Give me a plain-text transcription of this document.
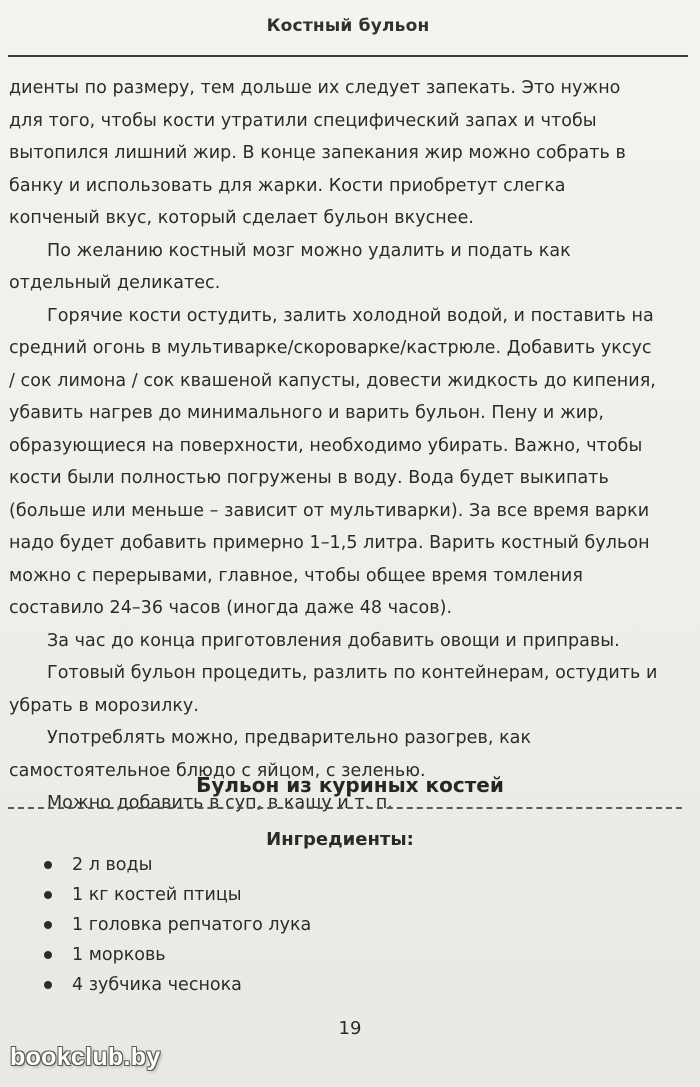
Костный бульон

диенты по размеру, тем дольше их следует запекать. Это нужно для того, чтобы кости утратили специфический запах и чтобы вытопился лишний жир. В конце запекания жир можно собрать в банку и использовать для жарки. Кости приобретут слегка копченый вкус, который сделает бульон вкуснее.

По желанию костный мозг можно удалить и подать как отдельный деликатес.

Горячие кости остудить, залить холодной водой, и поставить на средний огонь в мультиварке/скороварке/кастрюле. Добавить уксус / сок лимона / сок квашеной капусты, довести жидкость до кипения, убавить нагрев до минимального и варить бульон. Пену и жир, образующиеся на поверхности, необходимо убирать. Важно, чтобы кости были полностью погружены в воду. Вода будет выкипать (больше или меньше – зависит от мультиварки). За все время варки надо будет добавить примерно 1–1,5 литра. Варить костный бульон можно с перерывами, главное, чтобы общее время томления составило 24–36 часов (иногда даже 48 часов).

За час до конца приготовления добавить овощи и приправы.

Готовый бульон процедить, разлить по контейнерам, остудить и убрать в морозилку.

Употреблять можно, предварительно разогрев, как самостоятельное блюдо с яйцом, с зеленью.

Можно добавить в суп, в кашу и т. п.

Бульон из куриных костей
Ингредиенты:
2 л воды
1 кг костей птицы
1 головка репчатого лука
1 морковь
4 зубчика чеснока
19
bookclub.by
